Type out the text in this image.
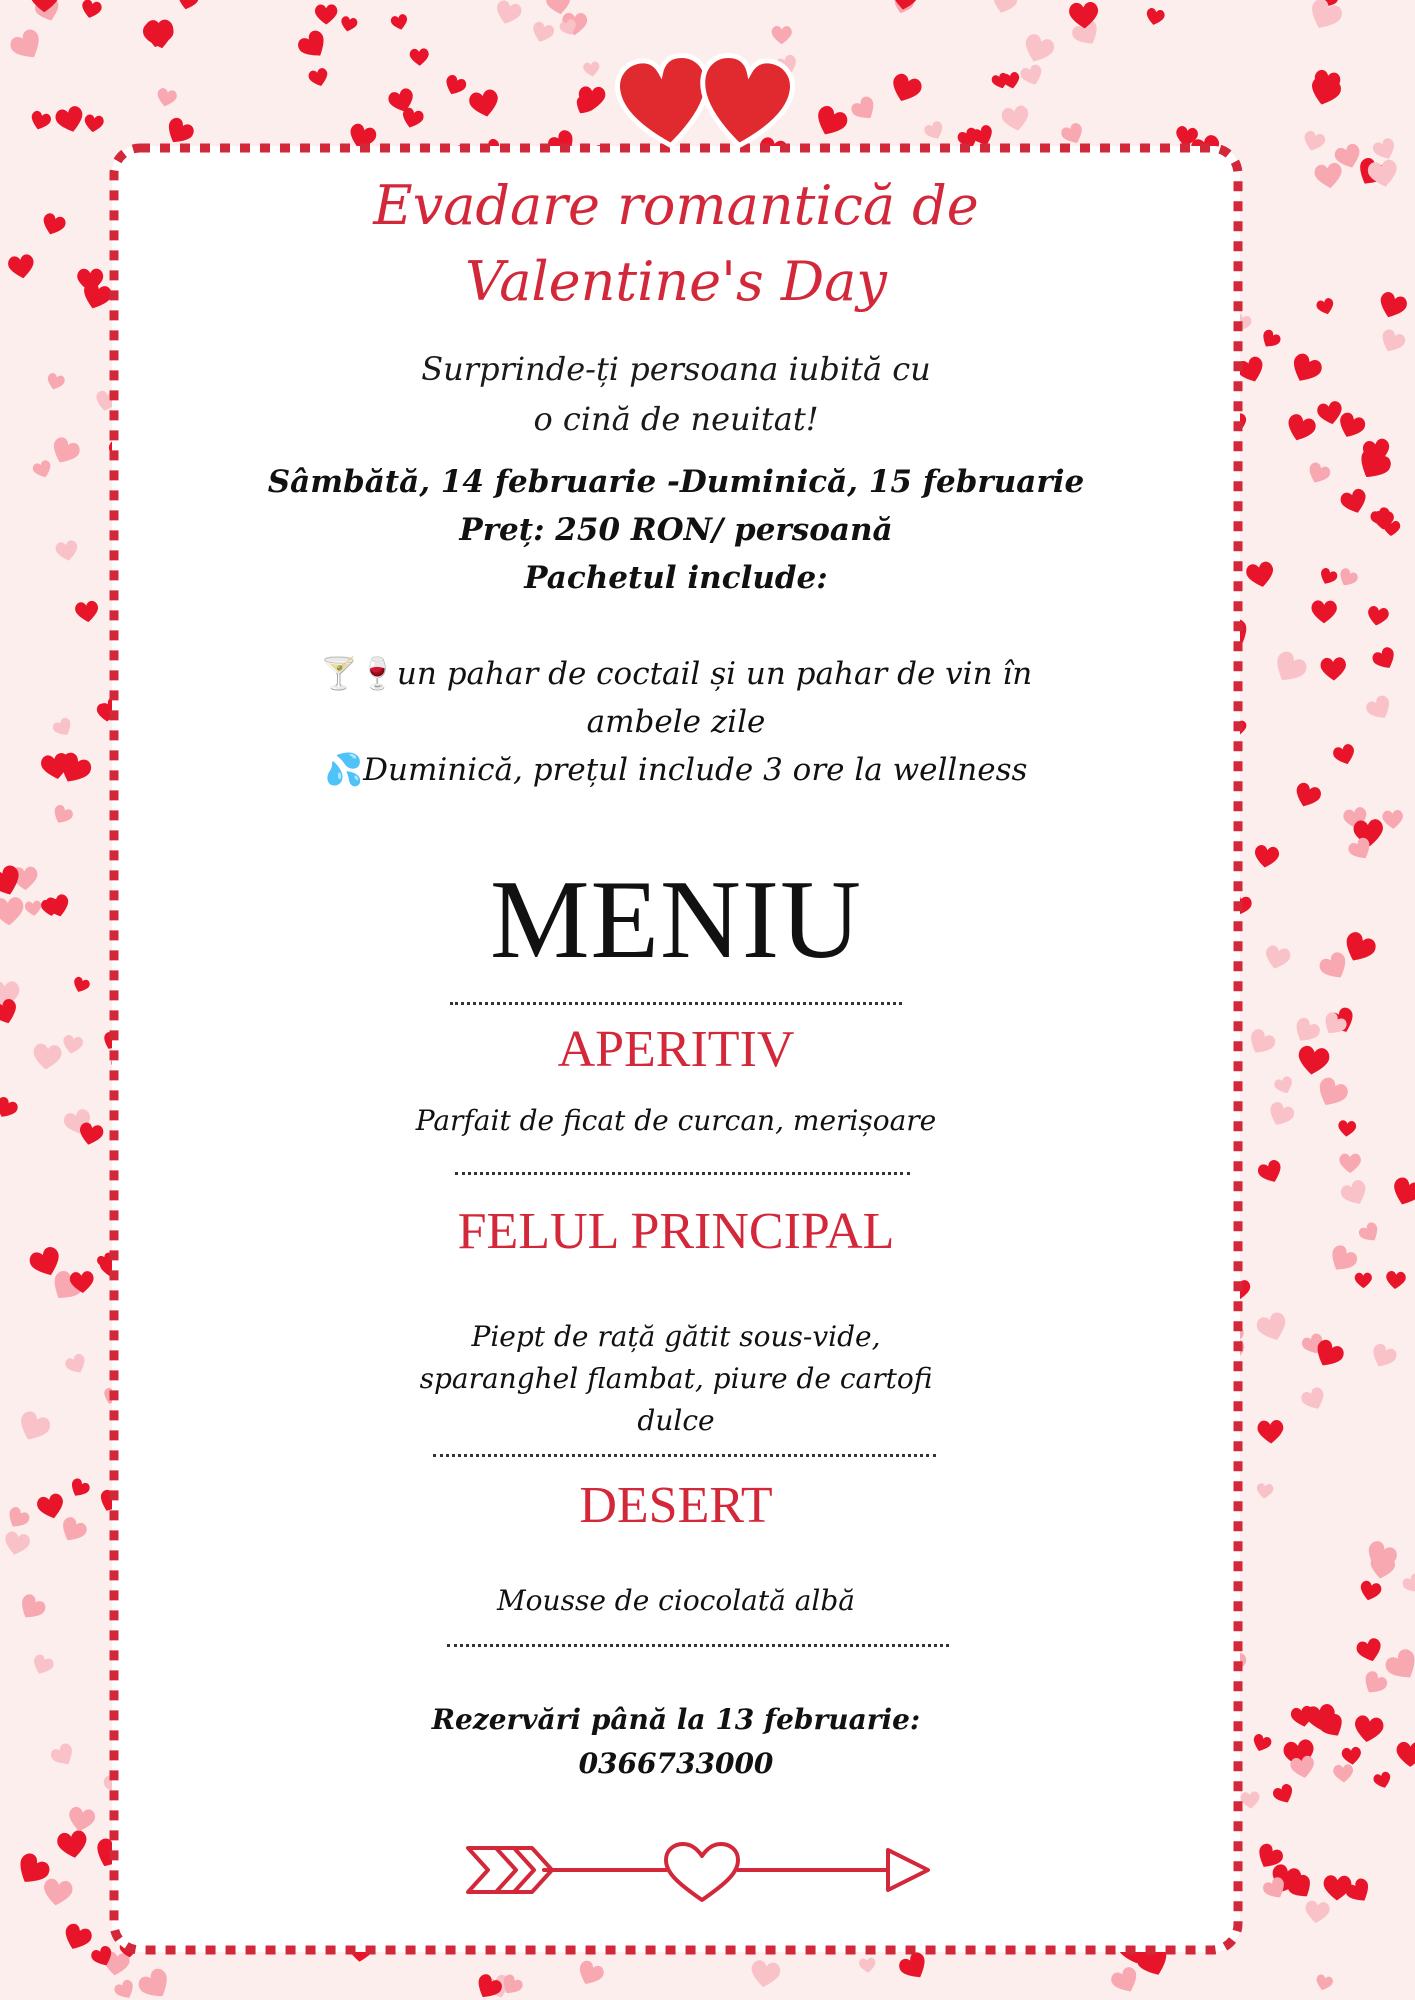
Evadare romantică de
Valentine's Day
Surprinde-ți persoana iubită cu
o cină de neuitat!
Sâmbătă, 14 februarie -Duminică, 15 februarie
Preț: 250 RON/ persoană
Pachetul include:
🍸🍷un pahar de coctail și un pahar de vin în
ambele zile
💦Duminică, prețul include 3 ore la wellness
MENIU
APERITIV
Parfait de ficat de curcan, merișoare
FELUL PRINCIPAL
Piept de rață gătit sous-vide,
sparanghel flambat, piure de cartofi
dulce
DESERT
Mousse de ciocolată albă
Rezervări până la 13 februarie:
0366733000
